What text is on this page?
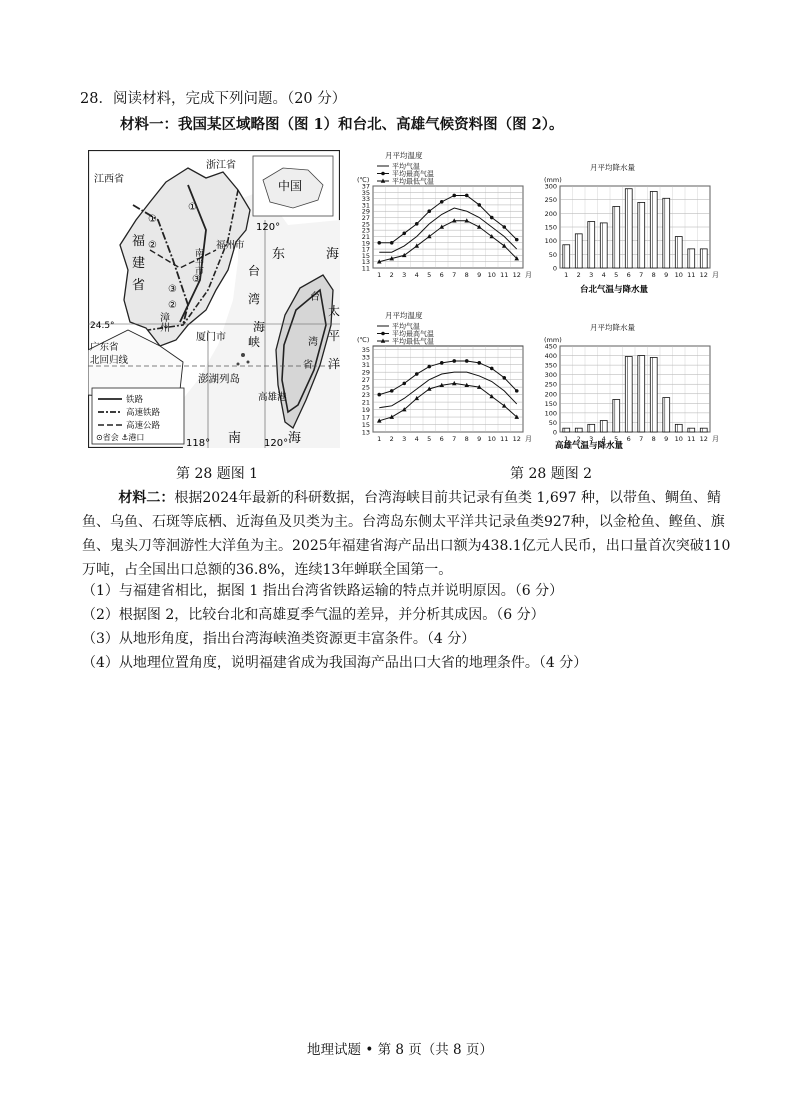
28．阅读材料，完成下列问题。（20 分）
材料一：我国某区域略图（图 1）和台北、高雄气候资料图（图 2）。
江西省
浙江省
中国
福
建
省
南平市
福州市
漳州
厦门市
广东省
北回归线
澎湖列岛
东	海
台
湾
海
峡
台
湾
省
太
平
洋
高雄港
南	海
118°	120°
120°
24.5°
①
②
③
②
③
①
铁路
高速铁路
高速公路
⊙省会 ⚓港口
第 28 题图 1
11
13
15
17
19
21
23
25
27
29
31
33
35
37
1 2 3 4 5 6 7 8 9 10 11 12 月
(℃)
月平均温度
平均气温
平均最高气温
平均最低气温
0
50
100
150
200
250
300
1 2 3 4 5 6 7 8 9 10 11 12 月
(mm)
月平均降水量
13
15
17
19
21
23
25
27
29
31
33
35
1 2 3 4 5 6 7 8 9 10 11 12 月
(℃)
月平均温度
平均气温
平均最高气温
平均最低气温
0
50
100
150
200
250
300
350
400
450
1 2 3 4 5 6 7 8 9 10 11 12 月
(mm)
月平均降水量
台北气温与降水量
高雄气温与降水量
第 28 题图 2
材料二：根据2024年最新的科研数据，台湾海峡目前共记录有鱼类 1,697 种，以带鱼、鲷鱼、鲭鱼、乌鱼、石斑等底栖、近海鱼及贝类为主。台湾岛东侧太平洋共记录鱼类927种，以金枪鱼、鲣鱼、旗鱼、鬼头刀等洄游性大洋鱼为主。2025年福建省海产品出口额为438.1亿元人民币，出口量首次突破110万吨，占全国出口总额的36.8%，连续13年蝉联全国第一。
（1）与福建省相比，据图 1 指出台湾省铁路运输的特点并说明原因。（6 分）
（2）根据图 2，比较台北和高雄夏季气温的差异，并分析其成因。（6 分）
（3）从地形角度，指出台湾海峡渔类资源更丰富条件。（4 分）
（4）从地理位置角度，说明福建省成为我国海产品出口大省的地理条件。（4 分）
地理试题 • 第 8 页（共 8 页）
